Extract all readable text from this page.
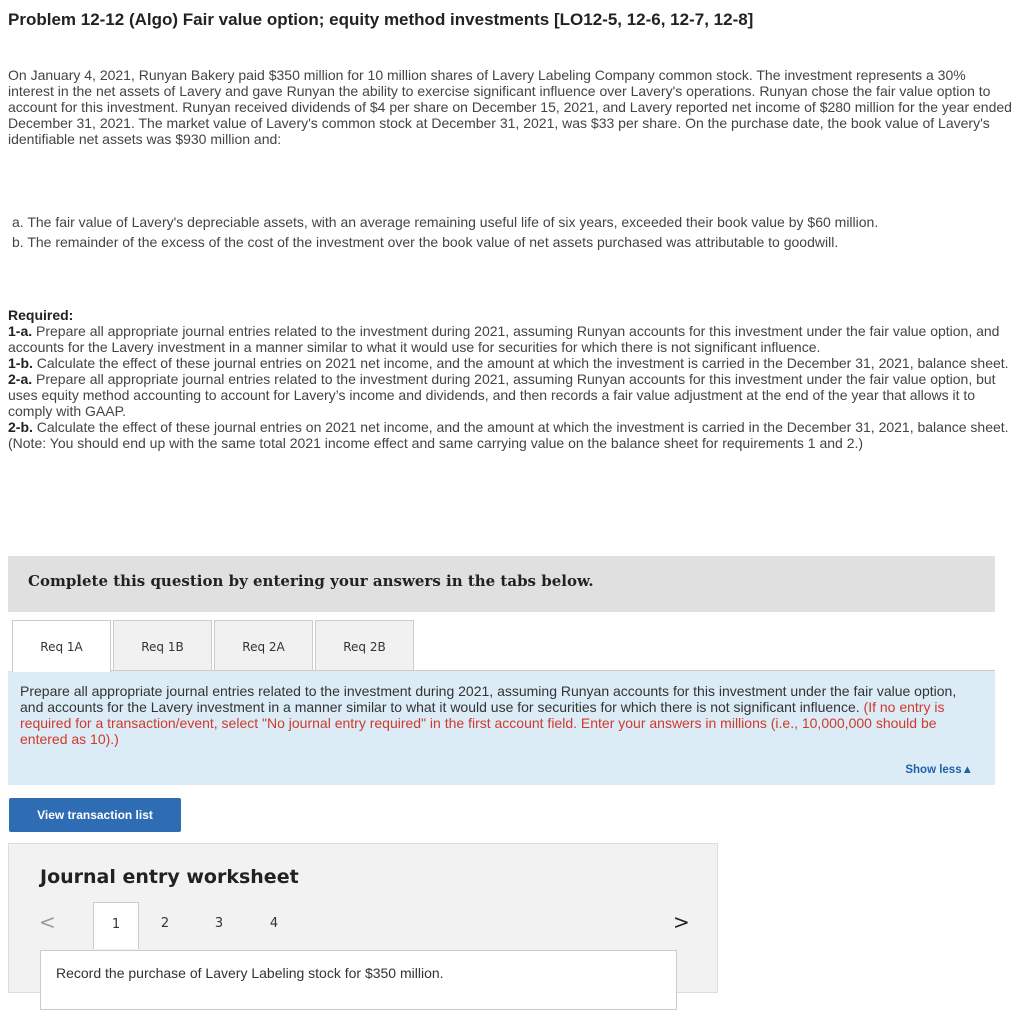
Problem 12-12 (Algo) Fair value option; equity method investments [LO12-5, 12-6, 12-7, 12-8]

On January 4, 2021, Runyan Bakery paid $350 million for 10 million shares of Lavery Labeling Company common stock. The investment represents a 30% interest in the net assets of Lavery and gave Runyan the ability to exercise significant influence over Lavery's operations. Runyan chose the fair value option to account for this investment. Runyan received dividends of $4 per share on December 15, 2021, and Lavery reported net income of $280 million for the year ended December 31, 2021. The market value of Lavery's common stock at December 31, 2021, was $33 per share. On the purchase date, the book value of Lavery's identifiable net assets was $930 million and:

a. The fair value of Lavery's depreciable assets, with an average remaining useful life of six years, exceeded their book value by $60 million.
b. The remainder of the excess of the cost of the investment over the book value of net assets purchased was attributable to goodwill.
Required:
1-a. Prepare all appropriate journal entries related to the investment during 2021, assuming Runyan accounts for this investment under the fair value option, and accounts for the Lavery investment in a manner similar to what it would use for securities for which there is not significant influence.
1-b. Calculate the effect of these journal entries on 2021 net income, and the amount at which the investment is carried in the December 31, 2021, balance sheet.
2-a. Prepare all appropriate journal entries related to the investment during 2021, assuming Runyan accounts for this investment under the fair value option, but uses equity method accounting to account for Lavery’s income and dividends, and then records a fair value adjustment at the end of the year that allows it to comply with GAAP.
2-b. Calculate the effect of these journal entries on 2021 net income, and the amount at which the investment is carried in the December 31, 2021, balance sheet. (Note: You should end up with the same total 2021 income effect and same carrying value on the balance sheet for requirements 1 and 2.)
Complete this question by entering your answers in the tabs below.
Req 1A	Req 1B	Req 2A	Req 2B
Prepare all appropriate journal entries related to the investment during 2021, assuming Runyan accounts for this investment under the fair value option, and accounts for the Lavery investment in a manner similar to what it would use for securities for which there is not significant influence. (If no entry is required for a transaction/event, select "No journal entry required" in the first account field. Enter your answers in millions (i.e., 10,000,000 should be entered as 10).)
Show less▲
View transaction list
Journal entry worksheet
<	1	2	3	4	>
Record the purchase of Lavery Labeling stock for $350 million.
